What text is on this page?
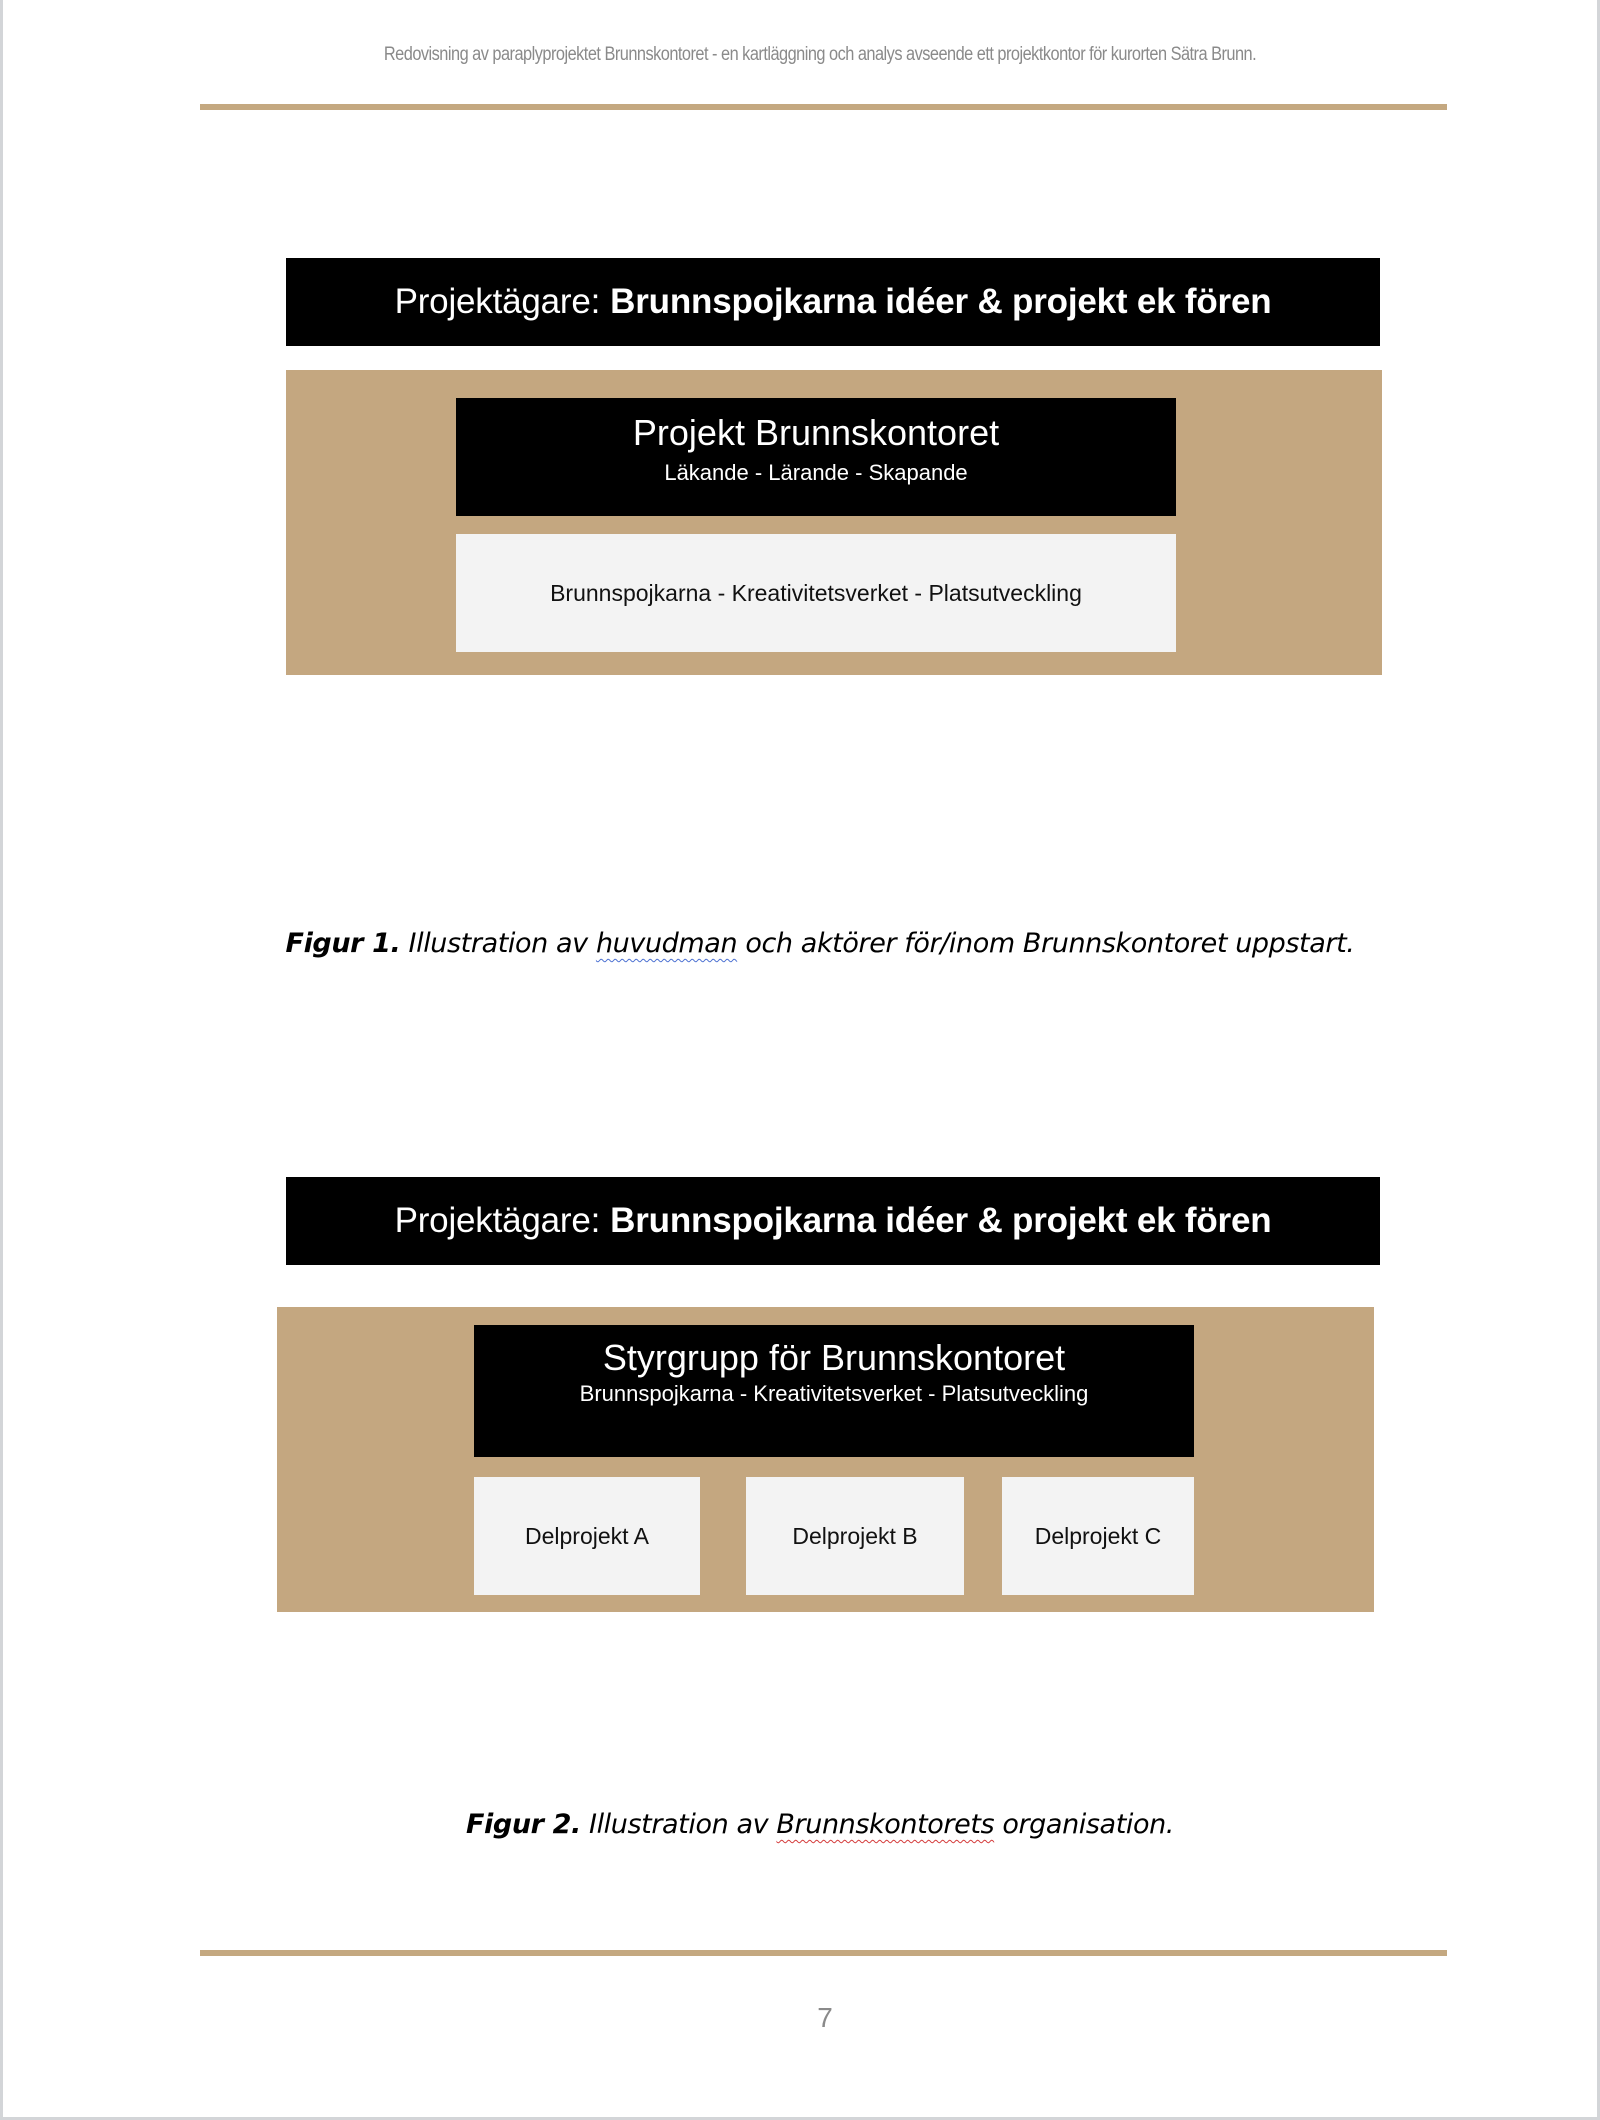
Redovisning av paraplyprojektet Brunnskontoret - en kartläggning och analys avseende ett projektkontor för kurorten Sätra Brunn.
Projektägare: Brunnspojkarna idéer & projekt ek fören
Projekt Brunnskontoret
Läkande - Lärande - Skapande
Brunnspojkarna - Kreativitetsverket - Platsutveckling
Figur 1. Illustration av huvudman och aktörer för/inom Brunnskontoret uppstart.
Projektägare: Brunnspojkarna idéer & projekt ek fören
Styrgrupp för Brunnskontoret
Brunnspojkarna - Kreativitetsverket - Platsutveckling
Delprojekt A	Delprojekt B	Delprojekt C
Figur 2. Illustration av Brunnskontorets organisation.
7
